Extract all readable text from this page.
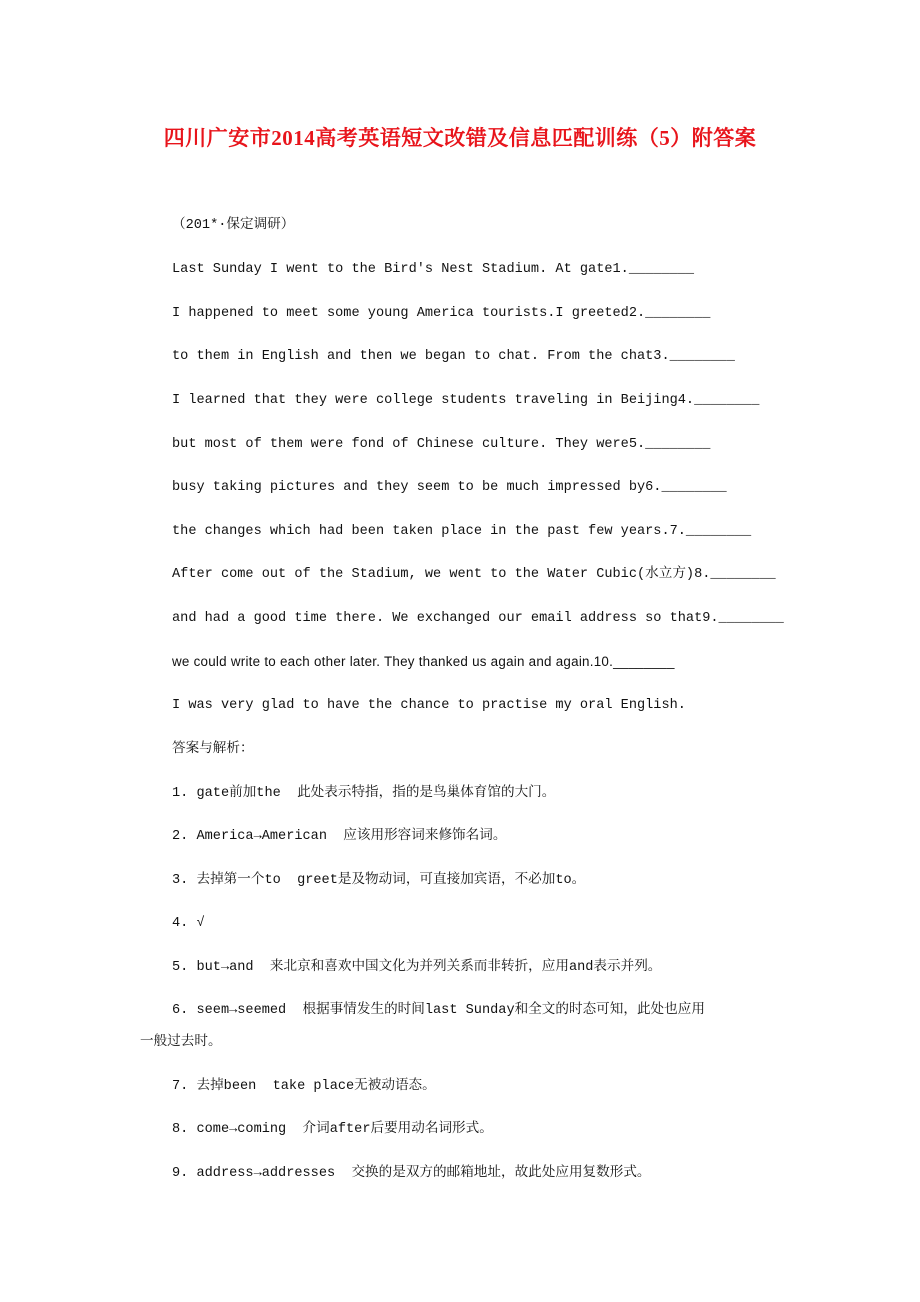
四川广安市2014高考英语短文改错及信息匹配训练（5）附答案
（201*·保定调研）
Last Sunday I went to the Bird's Nest Stadium. At gate1.________
I happened to meet some young America tourists.I greeted2.________
to them in English and then we began to chat. From the chat3.________
I learned that they were college students traveling in Beijing4.________
but most of them were fond of Chinese culture. They were5.________
busy taking pictures and they seem to be much impressed by6.________
the changes which had been taken place in the past few years.7.________
After come out of the Stadium, we went to the Water Cubic(水立方)8.________
and had a good time there. We exchanged our email address so that9.________
we could write to each other later. They thanked us again and again.10.________
I was very glad to have the chance to practise my oral English.
答案与解析：
1. gate前加the  此处表示特指，指的是鸟巢体育馆的大门。
2. America→American  应该用形容词来修饰名词。
3. 去掉第一个to  greet是及物动词，可直接加宾语，不必加to。
4. √
5. but→and  来北京和喜欢中国文化为并列关系而非转折，应用and表示并列。
6. seem→seemed  根据事情发生的时间last Sunday和全文的时态可知，此处也应用
一般过去时。
7. 去掉been  take place无被动语态。
8. come→coming  介词after后要用动名词形式。
9. address→addresses  交换的是双方的邮箱地址，故此处应用复数形式。
